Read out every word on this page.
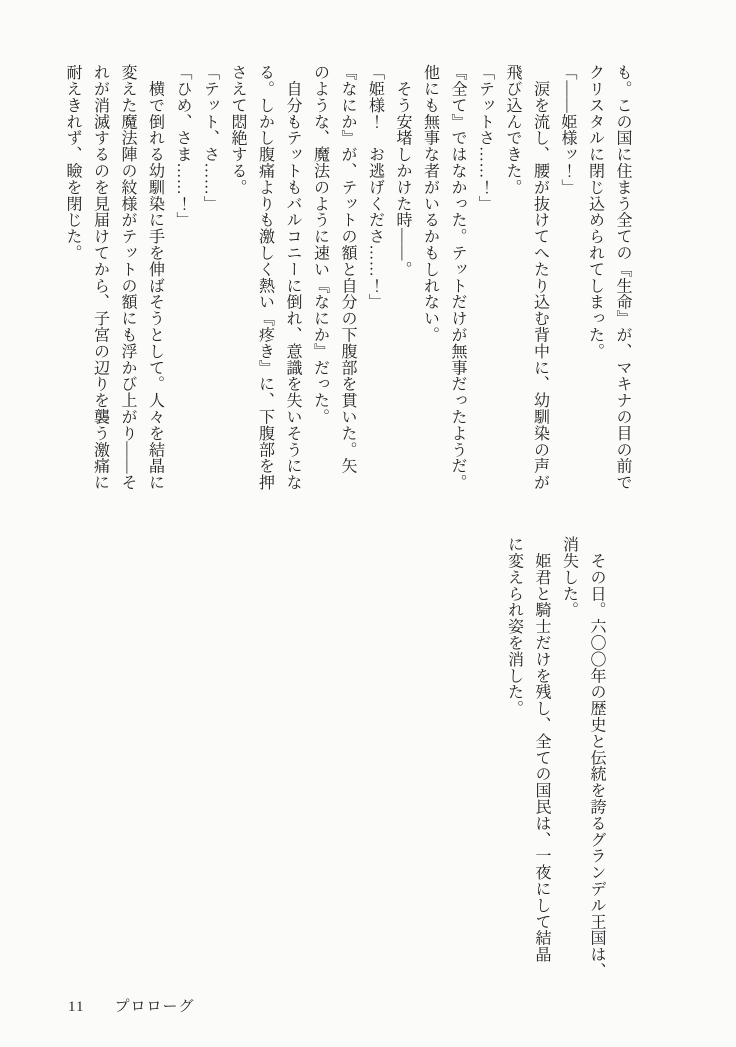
も。この国に住まう全ての『生命』が、マキナの目の前で

クリスタルに閉じ込められてしまった。

「――姫様ッ！」

　涙を流し、腰が抜けてへたり込む背中に、幼馴染の声が

飛び込んできた。

「テットさ……！」

『全て』ではなかった。テットだけが無事だったようだ。

他にも無事な者がいるかもしれない。

　そう安堵しかけた時――。

「姫様！　お逃げくださ……！」

『なにか』が、テットの額と自分の下腹部を貫いた。矢

のような、魔法のように速い『なにか』だった。

　自分もテットもバルコニーに倒れ、意識を失いそうにな

る。しかし腹痛よりも激しく熱い『疼き』に、下腹部を押

さえて悶絶する。

「テット、さ……」

「ひめ、さま……！」

　横で倒れる幼馴染に手を伸ばそうとして。人々を結晶に

変えた魔法陣の紋様がテットの額にも浮かび上がり――そ

れが消滅するのを見届けてから、子宮の辺りを襲う激痛に

耐えきれず、瞼を閉じた。

　その日。六〇〇年の歴史と伝統を誇るグランデル王国は、

消失した。

　姫君と騎士だけを残し、全ての国民は、一夜にして結晶

に変えられ姿を消した。

11 プロローグ
